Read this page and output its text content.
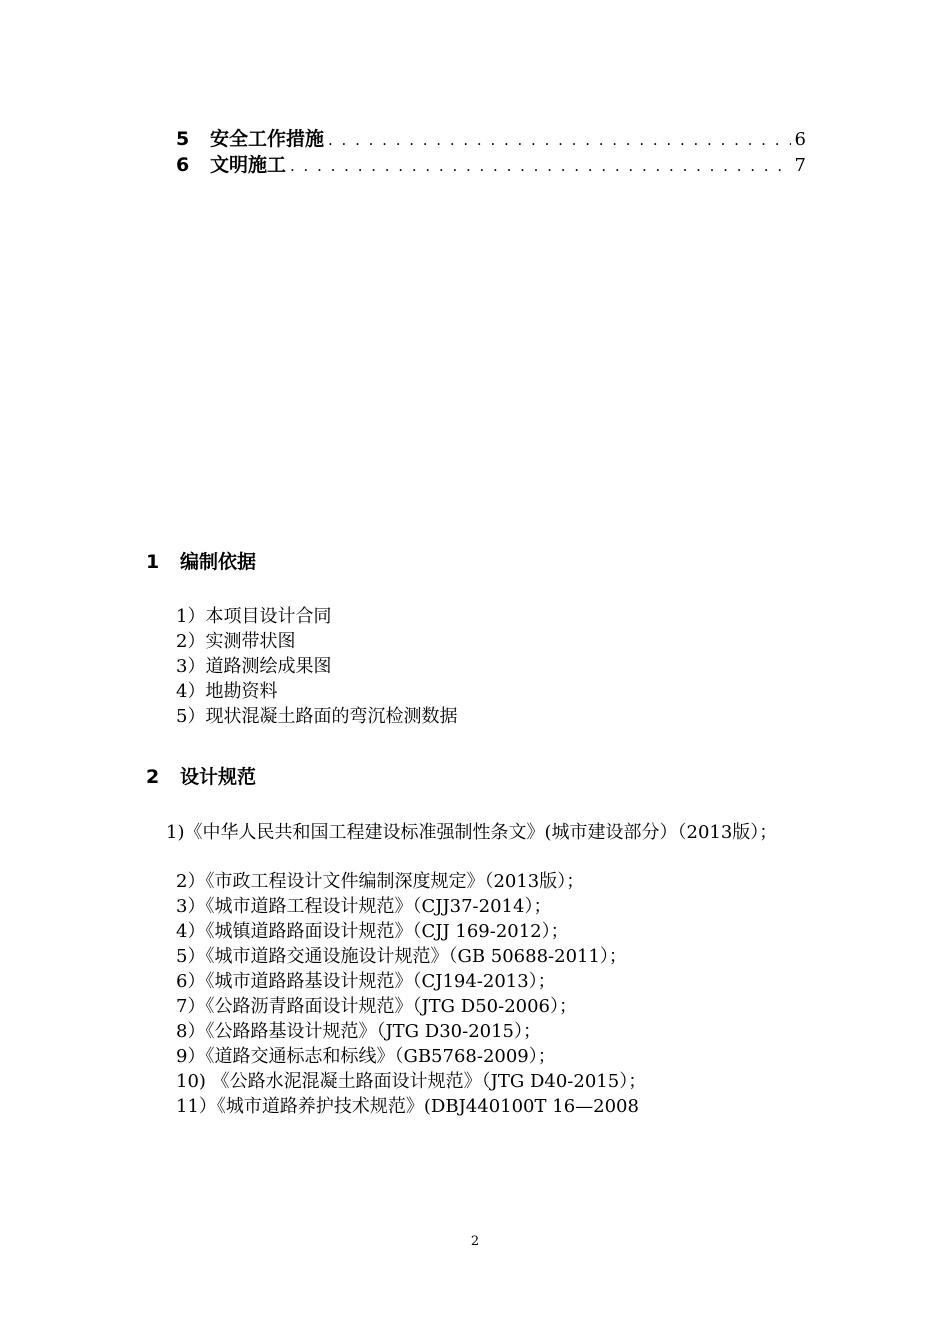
5	安全工作措施 . . .	6
6	文明施工 . . .	7
1	编制依据
1）本项目设计合同
2）实测带状图
3）道路测绘成果图
4）地勘资料
5）现状混凝土路面的弯沉检测数据
2	设计规范
1)《中华人民共和国工程建设标准强制性条文》(城市建设部分）（2013版）；
2）《市政工程设计文件编制深度规定》（2013版）；
3）《城市道路工程设计规范》（CJJ37-2014）；
4）《城镇道路路面设计规范》（CJJ 169-2012）；
5）《城市道路交通设施设计规范》（GB 50688-2011）；
6）《城市道路路基设计规范》（CJ194-2013）；
7）《公路沥青路面设计规范》（JTG D50-2006）；
8）《公路路基设计规范》（JTG D30-2015）；
9）《道路交通标志和标线》（GB5768-2009）；
10) 《公路水泥混凝土路面设计规范》（JTG D40-2015）；
11）《城市道路养护技术规范》(DBJ440100T 16—2008
2
